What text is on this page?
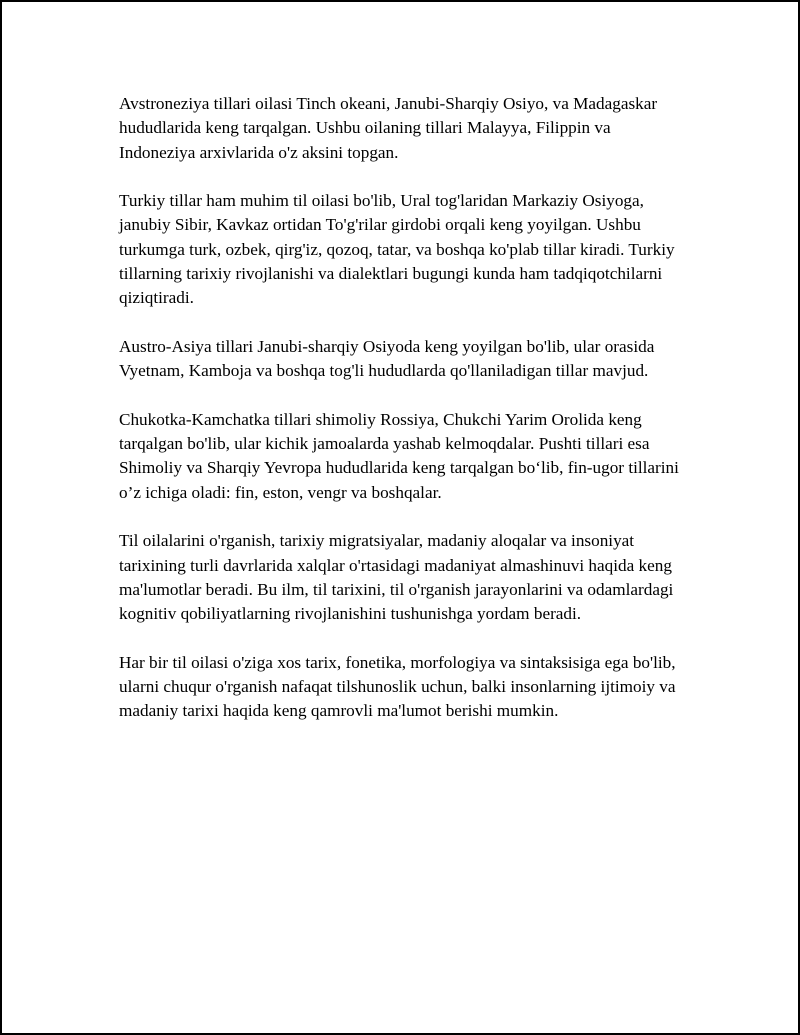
Avstroneziya tillari oilasi Tinch okeani, Janubi-Sharqiy Osiyo, va Madagaskar hududlarida keng tarqalgan. Ushbu oilaning tillari Malayya, Filippin va Indoneziya arxivlarida o'z aksini topgan.

Turkiy tillar ham muhim til oilasi bo'lib, Ural tog'laridan Markaziy Osiyoga, janubiy Sibir, Kavkaz ortidan To'g'rilar girdobi orqali keng yoyilgan. Ushbu turkumga turk, ozbek, qirg'iz, qozoq, tatar, va boshqa ko'plab tillar kiradi. Turkiy tillarning tarixiy rivojlanishi va dialektlari bugungi kunda ham tadqiqotchilarni qiziqtiradi.

Austro-Asiya tillari Janubi-sharqiy Osiyoda keng yoyilgan bo'lib, ular orasida Vyetnam, Kamboja va boshqa tog'li hududlarda qo'llaniladigan tillar mavjud.

Chukotka-Kamchatka tillari shimoliy Rossiya, Chukchi Yarim Orolida keng tarqalgan bo'lib, ular kichik jamoalarda yashab kelmoqdalar. Pushti tillari esa Shimoliy va Sharqiy Yevropa hududlarida keng tarqalgan bo‘lib, fin-ugor tillarini o’z ichiga oladi: fin, eston, vengr va boshqalar.

Til oilalarini o'rganish, tarixiy migratsiyalar, madaniy aloqalar va insoniyat tarixining turli davrlarida xalqlar o'rtasidagi madaniyat almashinuvi haqida keng ma'lumotlar beradi. Bu ilm, til tarixini, til o'rganish jarayonlarini va odamlardagi kognitiv qobiliyatlarning rivojlanishini tushunishga yordam beradi.

Har bir til oilasi o'ziga xos tarix, fonetika, morfologiya va sintaksisiga ega bo'lib, ularni chuqur o'rganish nafaqat tilshunoslik uchun, balki insonlarning ijtimoiy va madaniy tarixi haqida keng qamrovli ma'lumot berishi mumkin.
